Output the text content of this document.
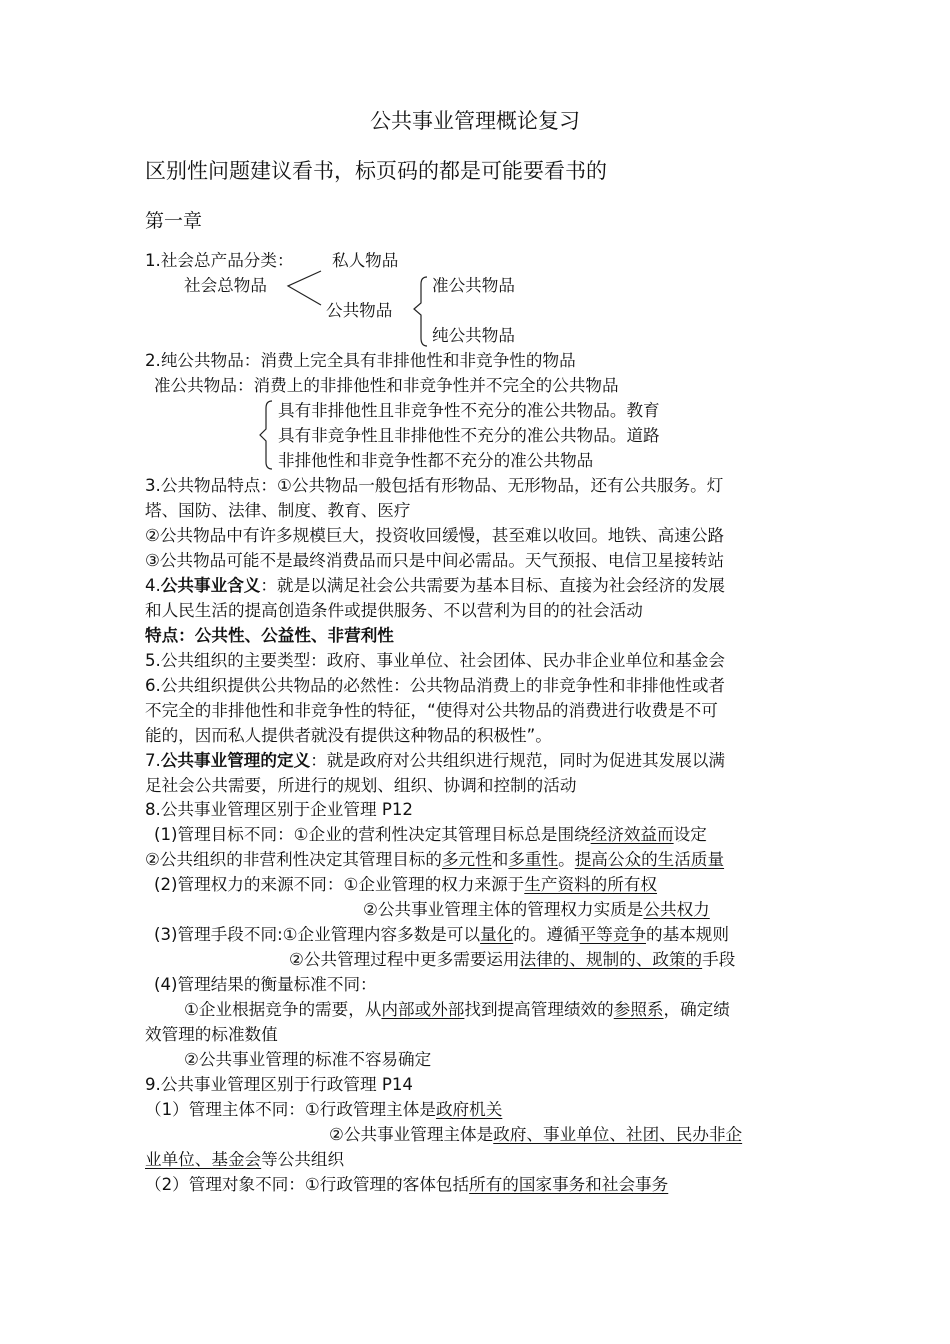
公共事业管理概论复习
区别性问题建议看书，标页码的都是可能要看书的
第一章
1.社会总产品分类： 私人物品
社会总物品	准公共物品
公共物品
纯公共物品
2.纯公共物品：消费上完全具有非排他性和非竞争性的物品
准公共物品：消费上的非排他性和非竞争性并不完全的公共物品
具有非排他性且非竞争性不充分的准公共物品。教育
具有非竞争性且非排他性不充分的准公共物品。道路
非排他性和非竞争性都不充分的准公共物品
3.公共物品特点：①公共物品一般包括有形物品、无形物品，还有公共服务。灯
塔、国防、法律、制度、教育、医疗
②公共物品中有许多规模巨大，投资收回缓慢，甚至难以收回。地铁、高速公路
③公共物品可能不是最终消费品而只是中间必需品。天气预报、电信卫星接转站
4.公共事业含义：就是以满足社会公共需要为基本目标、直接为社会经济的发展
和人民生活的提高创造条件或提供服务、不以营利为目的的社会活动
特点：公共性、公益性、非营利性
5.公共组织的主要类型：政府、事业单位、社会团体、民办非企业单位和基金会
6.公共组织提供公共物品的必然性：公共物品消费上的非竞争性和非排他性或者
不完全的非排他性和非竞争性的特征，“使得对公共物品的消费进行收费是不可
能的，因而私人提供者就没有提供这种物品的积极性”。
7.公共事业管理的定义：就是政府对公共组织进行规范，同时为促进其发展以满
足社会公共需要，所进行的规划、组织、协调和控制的活动
8.公共事业管理区别于企业管理 P12
(1)管理目标不同：①企业的营利性决定其管理目标总是围绕经济效益而设定
②公共组织的非营利性决定其管理目标的多元性和多重性。提高公众的生活质量
(2)管理权力的来源不同：①企业管理的权力来源于生产资料的所有权
②公共事业管理主体的管理权力实质是公共权力
(3)管理手段不同:①企业管理内容多数是可以量化的。遵循平等竞争的基本规则
②公共管理过程中更多需要运用法律的、规制的、政策的手段
(4)管理结果的衡量标准不同：
①企业根据竞争的需要，从内部或外部找到提高管理绩效的参照系，确定绩
效管理的标准数值
②公共事业管理的标准不容易确定
9.公共事业管理区别于行政管理 P14
（1）管理主体不同：①行政管理主体是政府机关
②公共事业管理主体是政府、事业单位、社团、民办非企
业单位、基金会等公共组织
（2）管理对象不同：①行政管理的客体包括所有的国家事务和社会事务
